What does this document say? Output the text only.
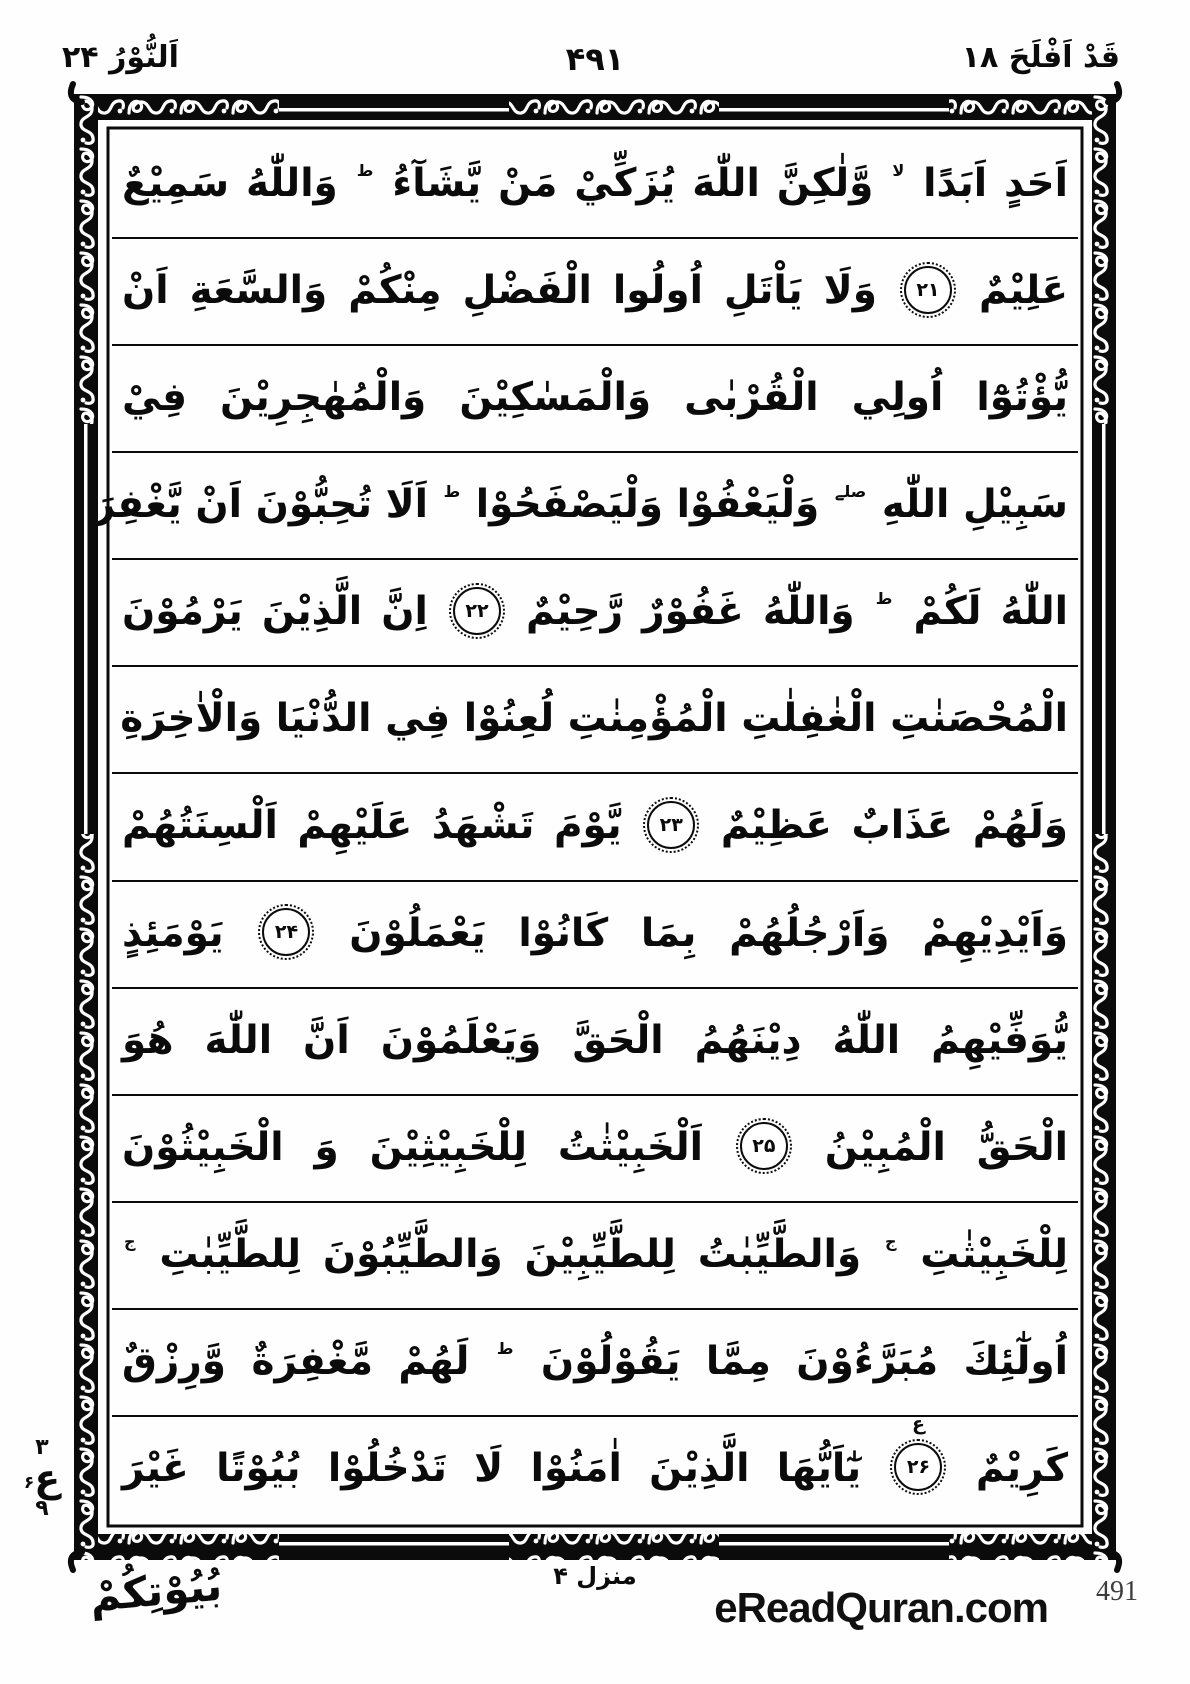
اَلنُّوْرُ ۲۴	۴۹۱	قَدْ اَفْلَحَ ۱۸
اَحَدٍ اَبَدًا لا وَّلٰكِنَّ اللّٰهَ يُزَكِّيْ مَنْ يَّشَآءُ ط وَاللّٰهُ سَمِيْعٌ
عَلِيْمٌ ۲۱ وَلَا يَاْتَلِ اُولُوا الْفَضْلِ مِنْكُمْ وَالسَّعَةِ اَنْ
يُّؤْتُوْٓا اُولِي الْقُرْبٰى وَالْمَسٰكِيْنَ وَالْمُهٰجِرِيْنَ فِيْ
سَبِيْلِ اللّٰهِ صلے وَلْيَعْفُوْا وَلْيَصْفَحُوْا ط اَلَا تُحِبُّوْنَ اَنْ يَّغْفِرَ
اللّٰهُ لَكُمْ ط وَاللّٰهُ غَفُوْرٌ رَّحِيْمٌ ۲۲ اِنَّ الَّذِيْنَ يَرْمُوْنَ
الْمُحْصَنٰتِ الْغٰفِلٰتِ الْمُؤْمِنٰتِ لُعِنُوْا فِي الدُّنْيَا وَالْاٰخِرَةِ
وَلَهُمْ عَذَابٌ عَظِيْمٌ ۲۳ يَّوْمَ تَشْهَدُ عَلَيْهِمْ اَلْسِنَتُهُمْ
وَاَيْدِيْهِمْ وَاَرْجُلُهُمْ بِمَا كَانُوْا يَعْمَلُوْنَ ۲۴ يَوْمَئِذٍ
يُّوَفِّيْهِمُ اللّٰهُ دِيْنَهُمُ الْحَقَّ وَيَعْلَمُوْنَ اَنَّ اللّٰهَ هُوَ
الْحَقُّ الْمُبِيْنُ ۲۵ اَلْخَبِيْثٰتُ لِلْخَبِيْثِيْنَ وَ الْخَبِيْثُوْنَ
لِلْخَبِيْثٰتِ ج وَالطَّيِّبٰتُ لِلطَّيِّبِيْنَ وَالطَّيِّبُوْنَ لِلطَّيِّبٰتِ ج
اُولٰٓئِكَ مُبَرَّءُوْنَ مِمَّا يَقُوْلُوْنَ ط لَهُمْ مَّغْفِرَةٌ وَّرِزْقٌ
كَرِيْمٌ ۲۶
ع
يٰٓاَيُّهَا الَّذِيْنَ اٰمَنُوْا لَا تَدْخُلُوْا بُيُوْتًا غَيْرَ
۳
ع
۶
۹
بُيُوْتِكُمْ	منزل ۴
eReadQuran.com 491
